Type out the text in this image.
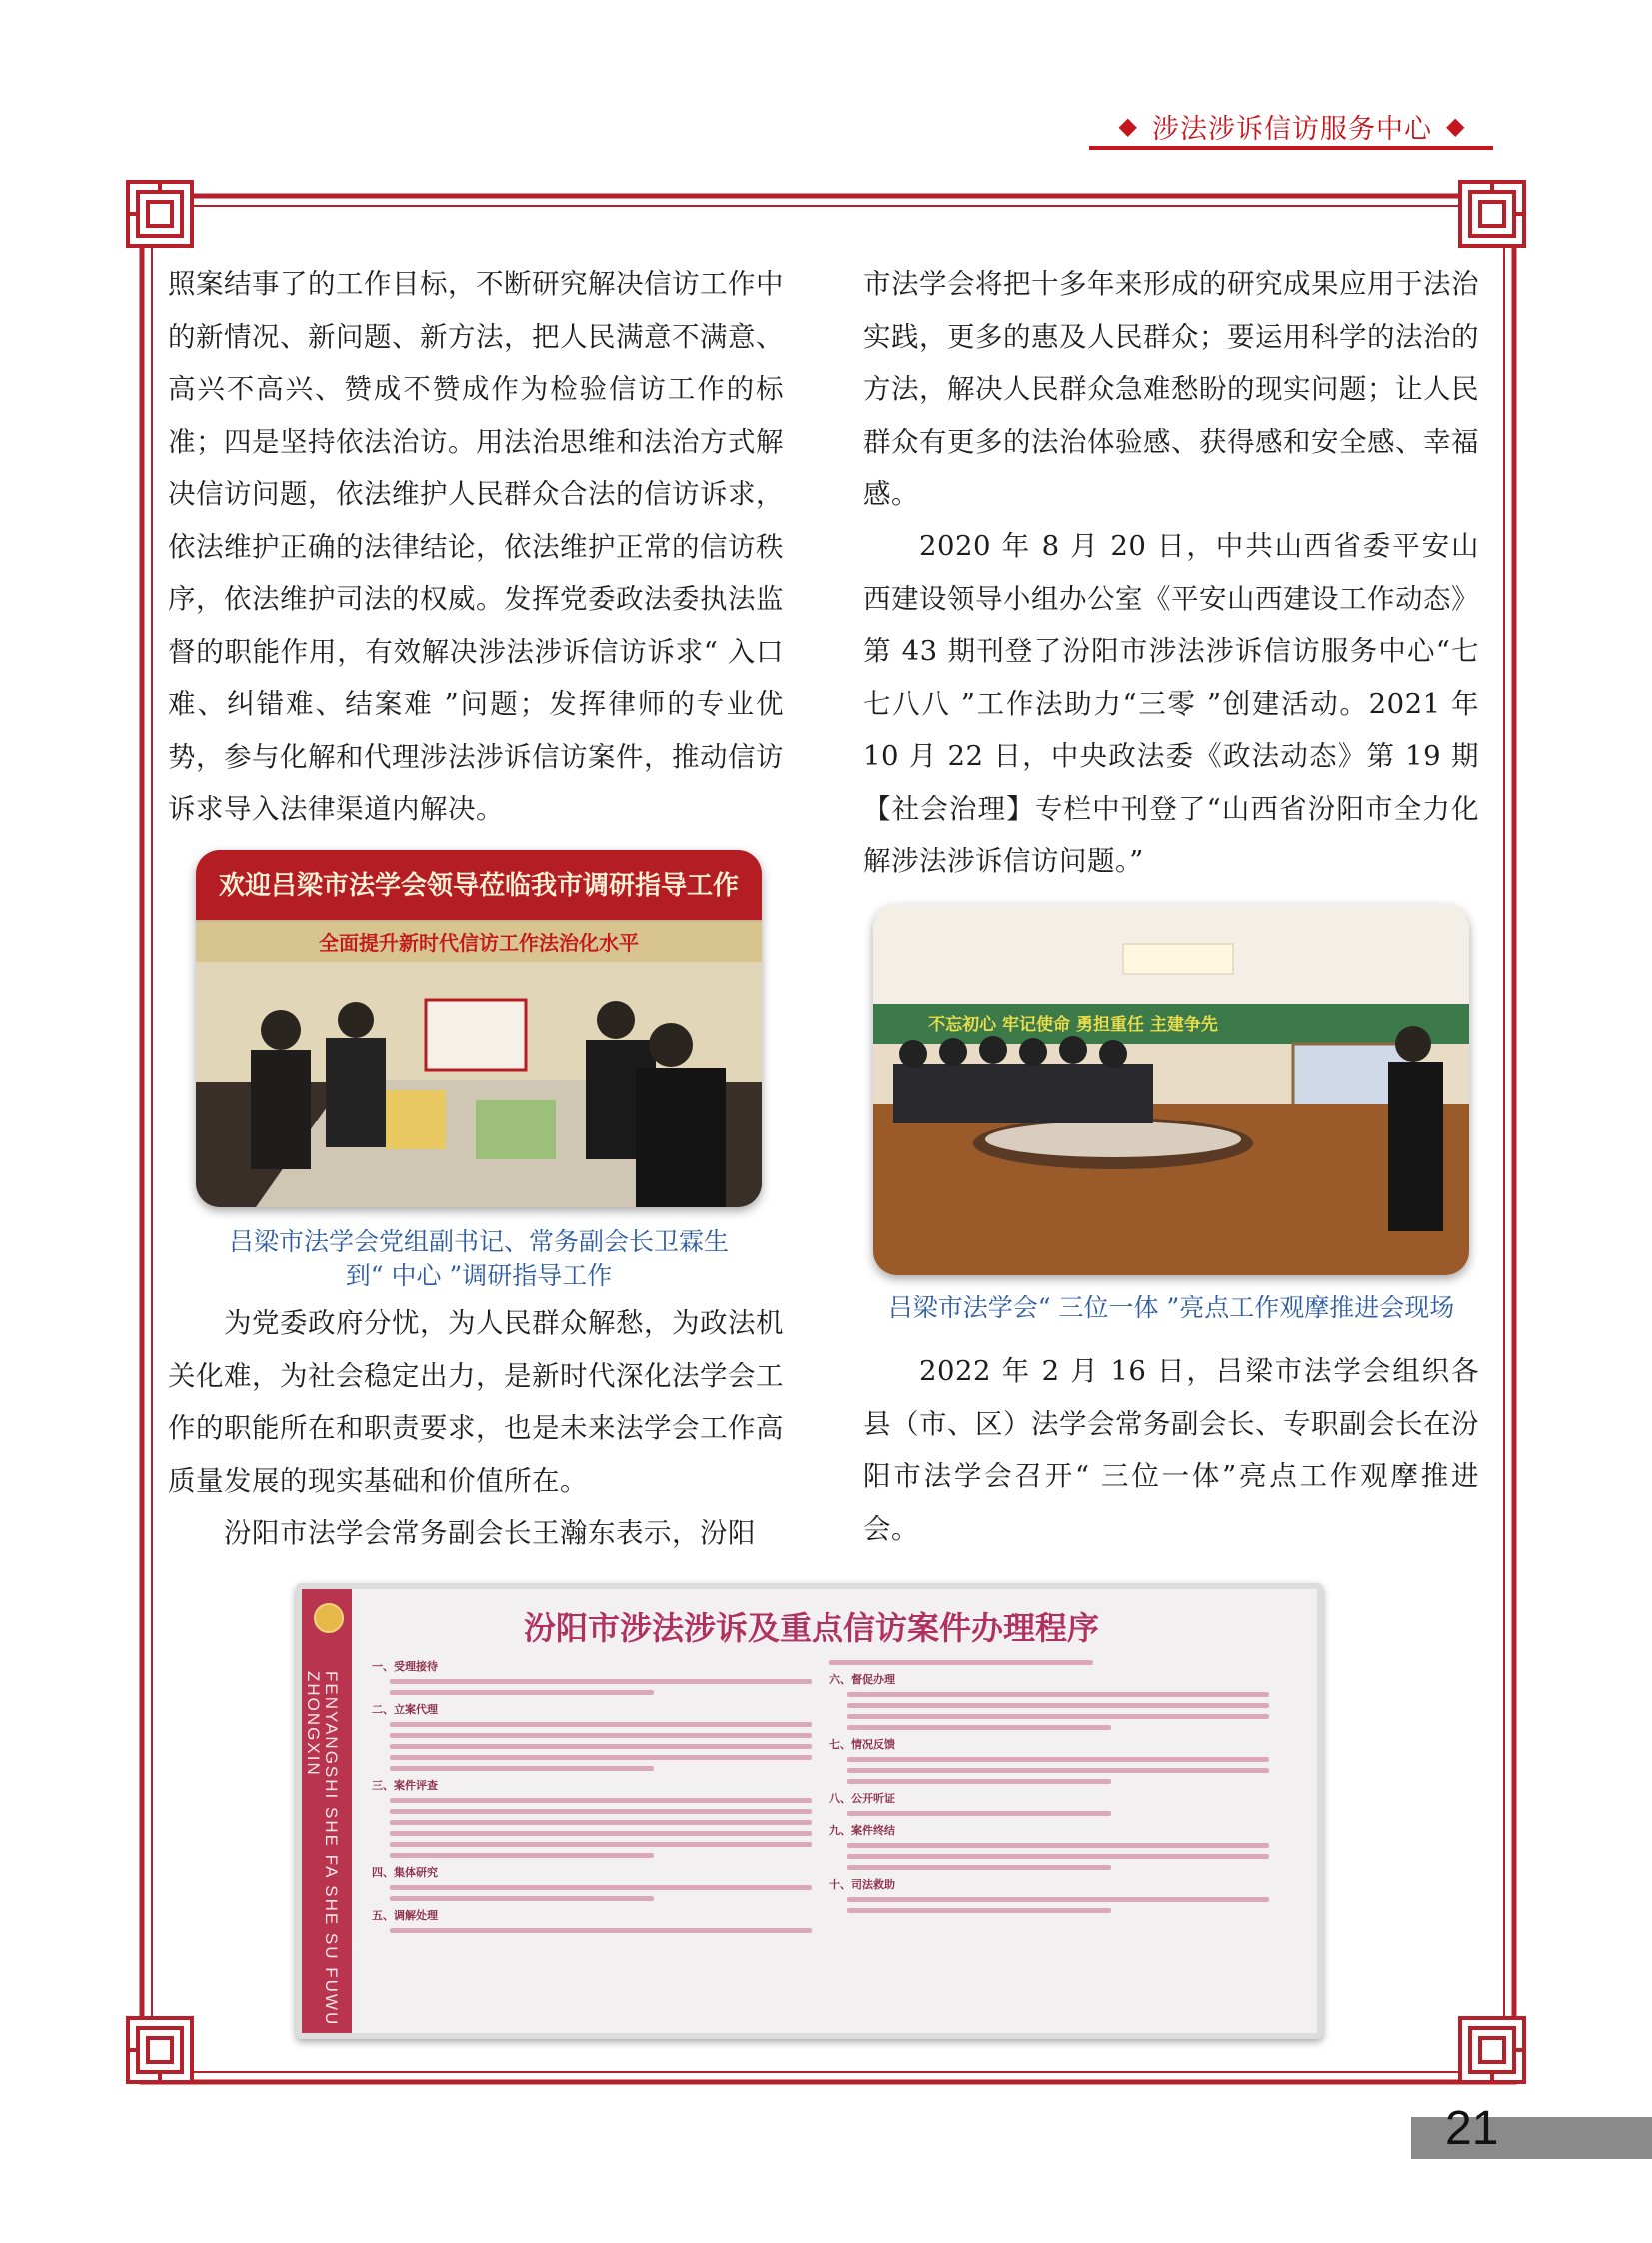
◆ 涉法涉诉信访服务中心 ◆

照案结事了的工作目标，不断研究解决信访工作中的新情况、新问题、新方法，把人民满意不满意、高兴不高兴、赞成不赞成作为检验信访工作的标准；四是坚持依法治访。用法治思维和法治方式解决信访问题，依法维护人民群众合法的信访诉求，依法维护正确的法律结论，依法维护正常的信访秩序，依法维护司法的权威。发挥党委政法委执法监督的职能作用，有效解决涉法涉诉信访诉求“ 入口难、纠错难、结案难 ”问题；发挥律师的专业优势，参与化解和代理涉法涉诉信访案件，推动信访诉求导入法律渠道内解决。

欢迎吕梁市法学会领导莅临我市调研指导工作
全面提升新时代信访工作法治化水平

吕梁市法学会党组副书记、常务副会长卫霖生
到“ 中心 ”调研指导工作

为党委政府分忧，为人民群众解愁，为政法机关化难，为社会稳定出力，是新时代深化法学会工作的职能所在和职责要求，也是未来法学会工作高质量发展的现实基础和价值所在。

汾阳市法学会常务副会长王瀚东表示，汾阳

市法学会将把十多年来形成的研究成果应用于法治实践，更多的惠及人民群众；要运用科学的法治的方法，解决人民群众急难愁盼的现实问题；让人民群众有更多的法治体验感、获得感和安全感、幸福感。

2020 年 8 月 20 日，中共山西省委平安山西建设领导小组办公室《平安山西建设工作动态》第 43 期刊登了汾阳市涉法涉诉信访服务中心“七七八八 ”工作法助力“三零 ”创建活动。2021 年 10 月 22 日，中央政法委《政法动态》第 19 期【社会治理】专栏中刊登了“山西省汾阳市全力化解涉法涉诉信访问题。”

不忘初心 牢记使命 勇担重任 主建争先

吕梁市法学会“ 三位一体 ”亮点工作观摩推进会现场

2022 年 2 月 16 日，吕梁市法学会组织各县（市、区）法学会常务副会长、专职副会长在汾阳市法学会召开“ 三位一体”亮点工作观摩推进会。

FENYANGSHI SHE FA SHE SU FUWU ZHONGXIN
汾阳市涉法涉诉及重点信访案件办理程序
一、受理接待
二、立案代理
三、案件评查
四、集体研究
五、调解处理
六、督促办理
七、情况反馈
八、公开听证
九、案件终结
十、司法救助
21
